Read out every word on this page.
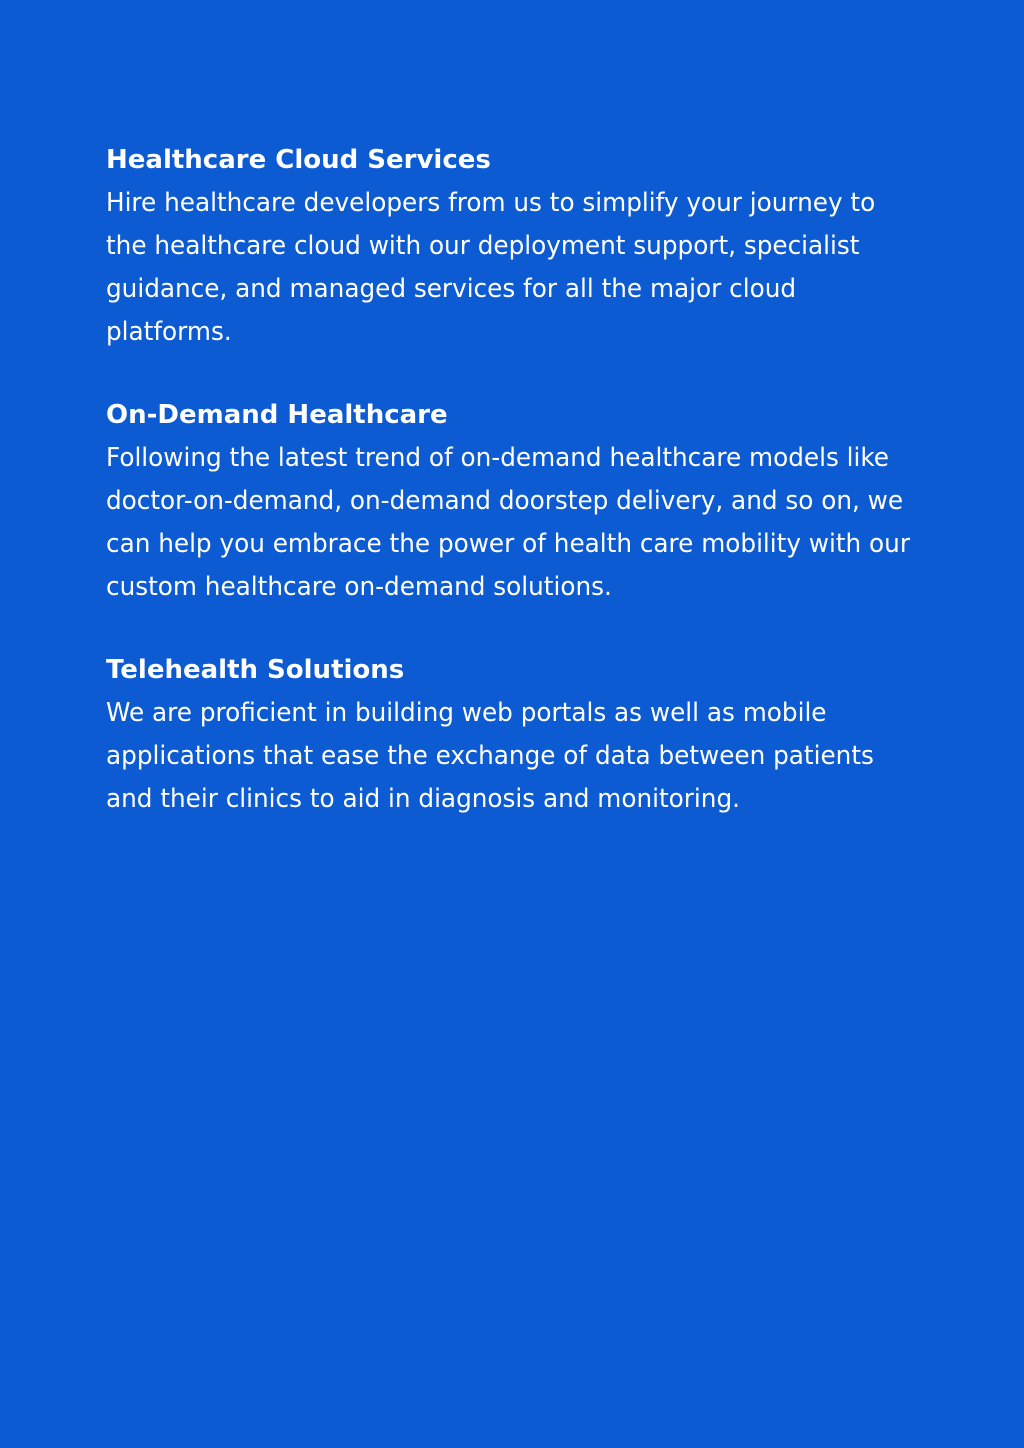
Healthcare Cloud Services

Hire healthcare developers from us to simplify your journey to the healthcare cloud with our deployment support, specialist guidance, and managed services for all the major cloud platforms.

On-Demand Healthcare

Following the latest trend of on-demand healthcare models like doctor-on-demand, on-demand doorstep delivery, and so on, we can help you embrace the power of health care mobility with our custom healthcare on-demand solutions.

Telehealth Solutions

We are proficient in building web portals as well as mobile applications that ease the exchange of data between patients and their clinics to aid in diagnosis and monitoring.
